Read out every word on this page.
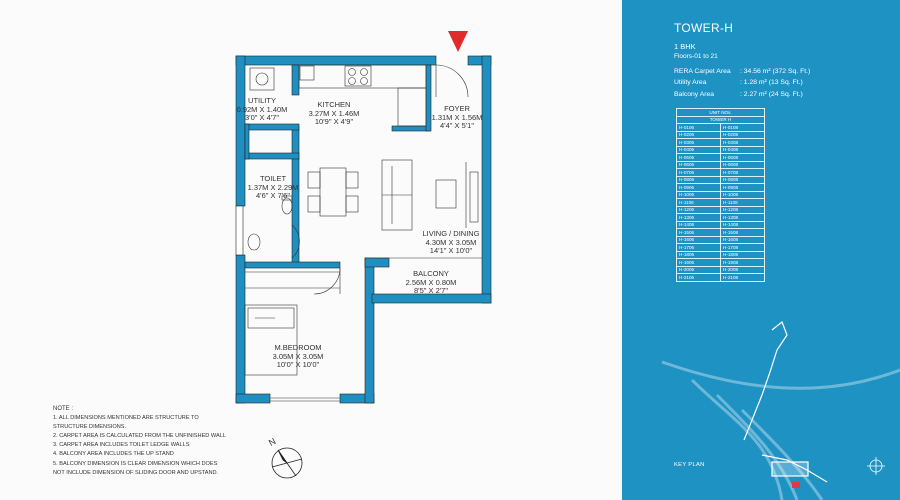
UTILITY
0.92M X 1.40M
3'0" X 4'7"
KITCHEN
3.27M X 1.46M
10'9" X 4'9"
FOYER
1.31M X 1.56M
4'4" X 5'1"
TOILET
1.37M X 2.29M
4'6" X 7'6"
LIVING / DINING
4.30M X 3.05M
14'1" X 10'0"
BALCONY
2.56M X 0.80M
8'5" X 2'7"
M.BEDROOM
3.05M X 3.05M
10'0" X 10'0"
N
NOTE :
1. ALL DIMENSIONS MENTIONED ARE STRUCTURE TO
STRUCTURE DIMENSIONS.
2. CARPET AREA IS CALCULATED FROM THE UNFINISHED WALL
3. CARPET AREA INCLUDES TOILET LEDGE WALLS
4. BALCONY AREA INCLUDES THE UP STAND
5. BALCONY DIMENSION IS CLEAR DIMENSION WHICH DOES
NOT INCLUDE DIMENSION OF SLIDING DOOR AND UPSTAND.
TOWER-H
1 BHK
Floors-01 to 21
RERA Carpet Area	: 34.56 m² (372 Sq. Ft.)
Utility Area	: 1.28 m² (13 Sq. Ft.)
Balcony Area	: 2.27 m² (24 Sq. Ft.)
UNIT NOs.	
TOWER H	
H-0106	H-0108
H-0206	H-0208
H-0306	H-0308
H-0406	H-0408
H-0506	H-0508
H-0606	H-0608
H-0706	H-0708
H-0806	H-0808
H-0906	H-0908
H-1006	H-1008
H-1106	H-1108
H-1206	H-1208
H-1306	H-1308
H-1406	H-1408
H-1506	H-1508
H-1606	H-1608
H-1706	H-1708
H-1806	H-1808
H-1906	H-1908
H-2006	H-2008
H-2106	H-2108
KEY PLAN
